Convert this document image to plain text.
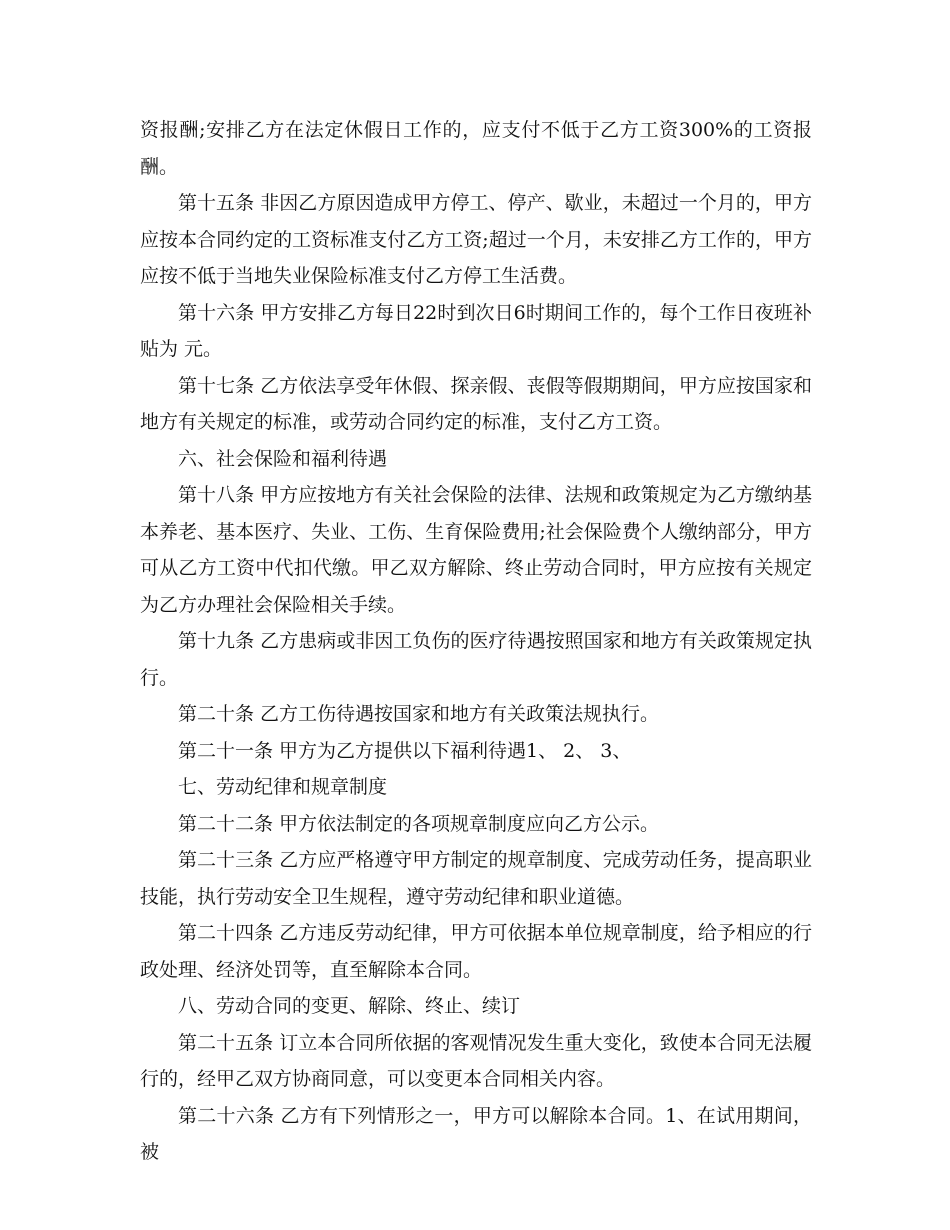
资报酬;安排乙方在法定休假日工作的，应支付不低于乙方工资300%的工资报酬。

第十五条 非因乙方原因造成甲方停工、停产、歇业，未超过一个月的，甲方应按本合同约定的工资标准支付乙方工资;超过一个月，未安排乙方工作的，甲方应按不低于当地失业保险标准支付乙方停工生活费。

第十六条 甲方安排乙方每日22时到次日6时期间工作的，每个工作日夜班补贴为 元。

第十七条 乙方依法享受年休假、探亲假、丧假等假期期间，甲方应按国家和地方有关规定的标准，或劳动合同约定的标准，支付乙方工资。

六、社会保险和福利待遇

第十八条 甲方应按地方有关社会保险的法律、法规和政策规定为乙方缴纳基本养老、基本医疗、失业、工伤、生育保险费用;社会保险费个人缴纳部分，甲方可从乙方工资中代扣代缴。甲乙双方解除、终止劳动合同时，甲方应按有关规定为乙方办理社会保险相关手续。

第十九条 乙方患病或非因工负伤的医疗待遇按照国家和地方有关政策规定执行。

第二十条 乙方工伤待遇按国家和地方有关政策法规执行。

第二十一条 甲方为乙方提供以下福利待遇1、 2、 3、

七、劳动纪律和规章制度

第二十二条 甲方依法制定的各项规章制度应向乙方公示。

第二十三条 乙方应严格遵守甲方制定的规章制度、完成劳动任务，提高职业技能，执行劳动安全卫生规程，遵守劳动纪律和职业道德。

第二十四条 乙方违反劳动纪律，甲方可依据本单位规章制度，给予相应的行政处理、经济处罚等，直至解除本合同。

八、劳动合同的变更、解除、终止、续订

第二十五条 订立本合同所依据的客观情况发生重大变化，致使本合同无法履行的，经甲乙双方协商同意，可以变更本合同相关内容。

第二十六条 乙方有下列情形之一，甲方可以解除本合同。1、在试用期间，被
